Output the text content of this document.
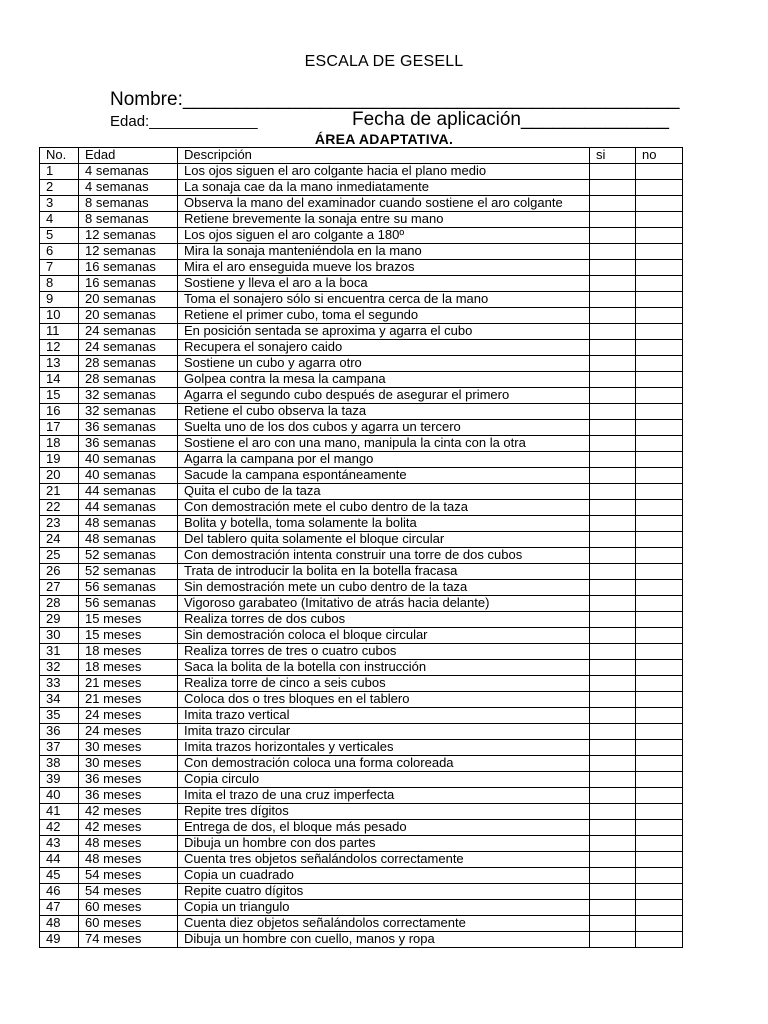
ESCALA DE GESELL
Nombre:_______________________________________________
Fecha de aplicación______________
Edad:_____________
ÁREA ADAPTATIVA.
No.	Edad	Descripción	si	no
1	4 semanas	Los ojos siguen el aro colgante hacia el plano medio		
2	4 semanas	La sonaja cae da la mano inmediatamente		
3	8 semanas	Observa la mano del examinador cuando sostiene el aro colgante		
4	8 semanas	Retiene brevemente la sonaja entre su mano		
5	12 semanas	Los ojos siguen el aro colgante a 180º		
6	12 semanas	Mira la sonaja manteniéndola en la mano		
7	16 semanas	Mira el aro enseguida mueve los brazos		
8	16 semanas	Sostiene y lleva el aro a la boca		
9	20 semanas	Toma el sonajero sólo si encuentra cerca de la mano		
10	20 semanas	Retiene el primer cubo, toma el segundo		
11	24 semanas	En posición sentada se aproxima y agarra el cubo		
12	24 semanas	Recupera el sonajero caido		
13	28 semanas	Sostiene un cubo y agarra otro		
14	28 semanas	Golpea contra la mesa la campana		
15	32 semanas	Agarra el segundo cubo después de asegurar el primero		
16	32 semanas	Retiene el cubo observa la taza		
17	36 semanas	Suelta uno de los dos cubos y agarra un tercero		
18	36 semanas	Sostiene el aro con una mano, manipula la cinta con la otra		
19	40 semanas	Agarra la campana por el mango		
20	40 semanas	Sacude la campana espontáneamente		
21	44 semanas	Quita el cubo de la taza		
22	44 semanas	Con demostración mete el cubo dentro de la taza		
23	48 semanas	Bolita y botella, toma solamente la bolita		
24	48 semanas	Del tablero quita solamente el bloque circular		
25	52 semanas	Con demostración intenta construir una torre de dos cubos		
26	52 semanas	Trata de introducir la bolita en la botella fracasa		
27	56 semanas	Sin demostración mete un cubo dentro de la taza		
28	56 semanas	Vigoroso garabateo (Imitativo de atrás hacia delante)		
29	15 meses	Realiza torres de dos cubos		
30	15 meses	Sin demostración coloca el bloque circular		
31	18 meses	Realiza torres de tres o cuatro cubos		
32	18 meses	Saca la bolita de la botella con instrucción		
33	21 meses	Realiza torre de cinco a seis cubos		
34	21 meses	Coloca dos o tres bloques en el tablero		
35	24 meses	Imita trazo vertical		
36	24 meses	Imita trazo circular		
37	30 meses	Imita trazos horizontales y verticales		
38	30 meses	Con demostración coloca una forma coloreada		
39	36 meses	Copia circulo		
40	36 meses	Imita el trazo de una cruz imperfecta		
41	42 meses	Repite tres dígitos		
42	42 meses	Entrega de dos, el bloque más pesado		
43	48 meses	Dibuja un hombre con dos partes		
44	48 meses	Cuenta tres objetos señalándolos correctamente		
45	54 meses	Copia un cuadrado		
46	54 meses	Repite cuatro dígitos		
47	60 meses	Copia un triangulo		
48	60 meses	Cuenta diez objetos señalándolos correctamente		
49	74 meses	Dibuja un hombre con cuello, manos y ropa		
